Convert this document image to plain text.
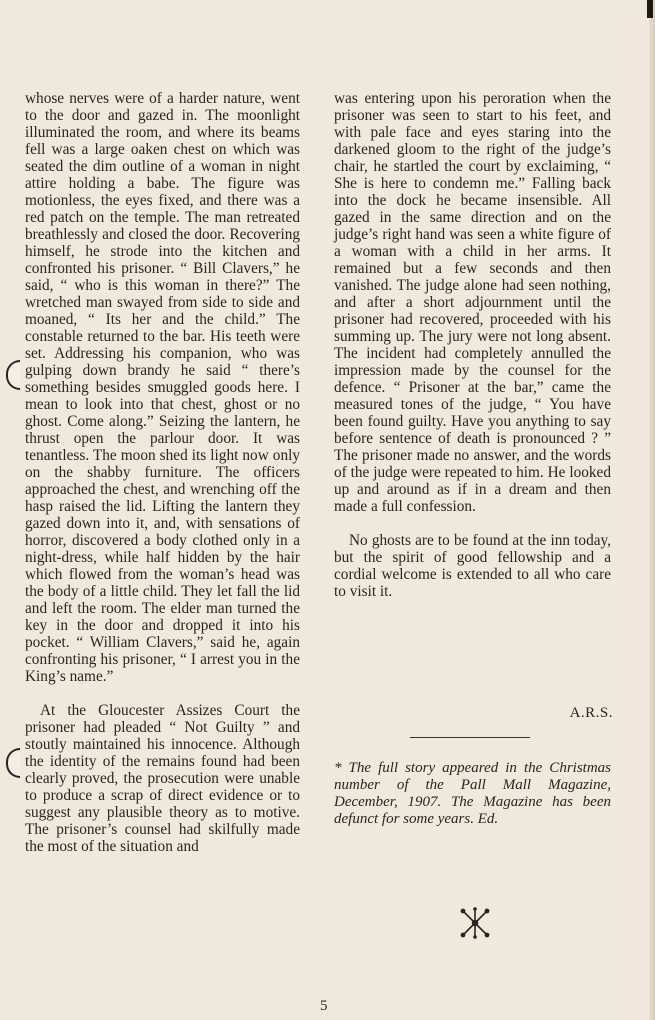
whose nerves were of a harder nature, went to the door and gazed in. The moonlight illuminated the room, and where its beams fell was a large oaken chest on which was seated the dim outline of a woman in night attire holding a babe. The figure was motionless, the eyes fixed, and there was a red patch on the temple. The man retreated breathlessly and closed the door. Recovering himself, he strode into the kitchen and confronted his prisoner. “ Bill Clavers,” he said, “ who is this woman in there?” The wretched man swayed from side to side and moaned, “ Its her and the child.” The constable returned to the bar. His teeth were set. Addressing his companion, who was gulping down brandy he said “ there’s something besides smuggled goods here. I mean to look into that chest, ghost or no ghost. Come along.” Seizing the lantern, he thrust open the parlour door. It was tenantless. The moon shed its light now only on the shabby furniture. The officers approached the chest, and wrenching off the hasp raised the lid. Lifting the lantern they gazed down into it, and, with sensations of horror, discovered a body clothed only in a night-dress, while half hidden by the hair which flowed from the woman’s head was the body of a little child. They let fall the lid and left the room. The elder man turned the key in the door and dropped it into his pocket. “ William Clavers,” said he, again confronting his prisoner, “ I arrest you in the King’s name.”

At the Gloucester Assizes Court the prisoner had pleaded “ Not Guilty ” and stoutly maintained his innocence. Although the identity of the remains found had been clearly proved, the prosecution were unable to produce a scrap of direct evidence or to suggest any plausible theory as to motive. The prisoner’s counsel had skilfully made the most of the situation and

was entering upon his peroration when the prisoner was seen to start to his feet, and with pale face and eyes staring into the darkened gloom to the right of the judge’s chair, he startled the court by exclaiming, “ She is here to condemn me.” Falling back into the dock he became insensible. All gazed in the same direction and on the judge’s right hand was seen a white figure of a woman with a child in her arms. It remained but a few seconds and then vanished. The judge alone had seen nothing, and after a short adjournment until the prisoner had recovered, proceeded with his summing up. The jury were not long absent. The incident had completely annulled the impression made by the counsel for the defence. “ Prisoner at the bar,” came the measured tones of the judge, “ You have been found guilty. Have you anything to say before sentence of death is pronounced ? ” The prisoner made no answer, and the words of the judge were repeated to him. He looked up and around as if in a dream and then made a full confession.

No ghosts are to be found at the inn today, but the spirit of good fellowship and a cordial welcome is extended to all who care to visit it.

A.R.S.
* The full story appeared in the Christmas number of the Pall Mall Magazine, December, 1907. The Magazine has been defunct for some years. Ed.
5
